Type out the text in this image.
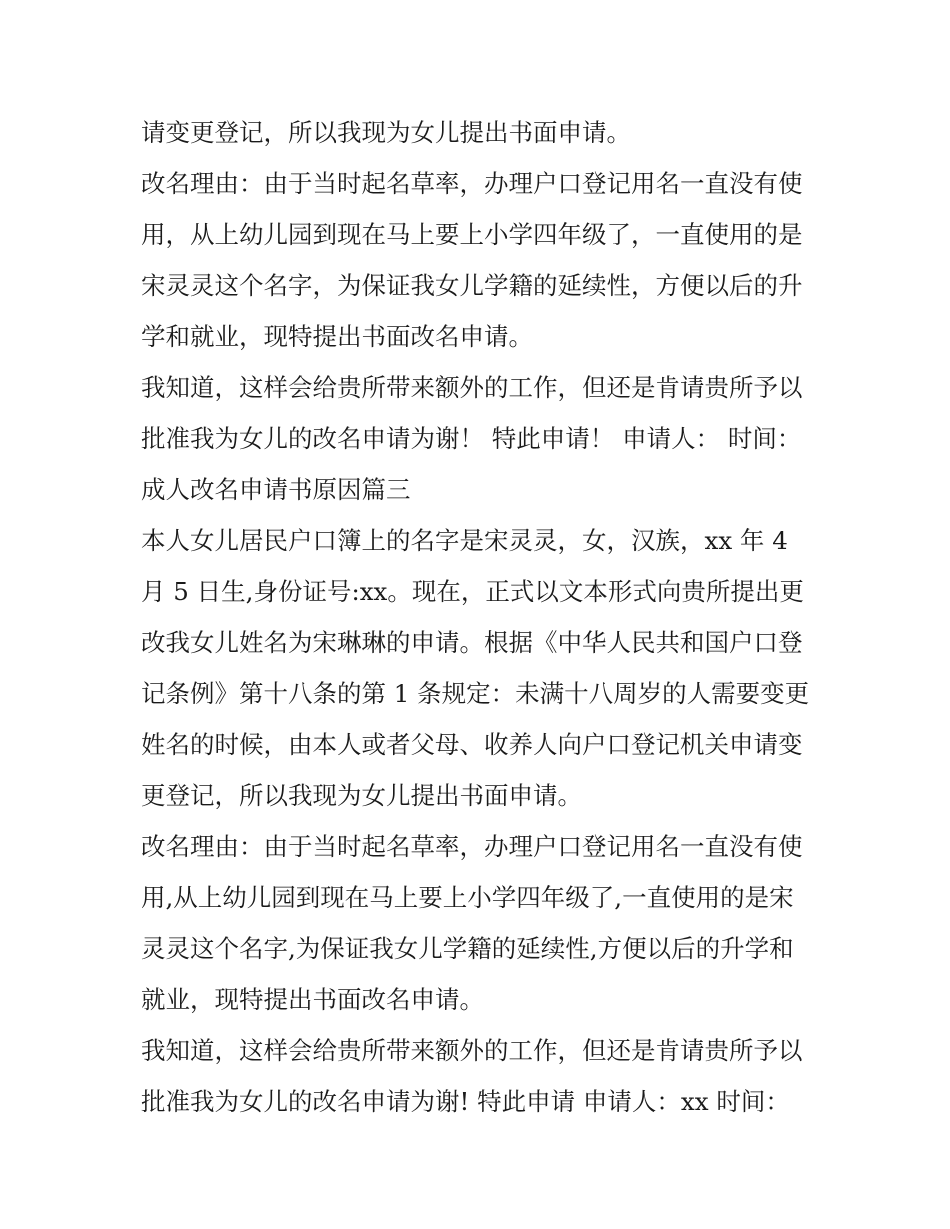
请变更登记，所以我现为女儿提出书面申请。
改名理由：由于当时起名草率，办理户口登记用名一直没有使
用，从上幼儿园到现在马上要上小学四年级了，一直使用的是
宋灵灵这个名字，为保证我女儿学籍的延续性，方便以后的升
学和就业，现特提出书面改名申请。
我知道，这样会给贵所带来额外的工作，但还是肯请贵所予以
批准我为女儿的改名申请为谢！ 特此申请！ 申请人： 时间：
成人改名申请书原因篇三
本人女儿居民户口簿上的名字是宋灵灵，女，汉族，xx 年 4
月 5 日生,身份证号:xx。现在，正式以文本形式向贵所提出更
改我女儿姓名为宋琳琳的申请。根据《中华人民共和国户口登
记条例》第十八条的第 1 条规定：未满十八周岁的人需要变更
姓名的时候，由本人或者父母、收养人向户口登记机关申请变
更登记，所以我现为女儿提出书面申请。
改名理由：由于当时起名草率，办理户口登记用名一直没有使
用,从上幼儿园到现在马上要上小学四年级了,一直使用的是宋
灵灵这个名字,为保证我女儿学籍的延续性,方便以后的升学和
就业，现特提出书面改名申请。
我知道，这样会给贵所带来额外的工作，但还是肯请贵所予以
批准我为女儿的改名申请为谢! 特此申请 申请人：xx 时间：
